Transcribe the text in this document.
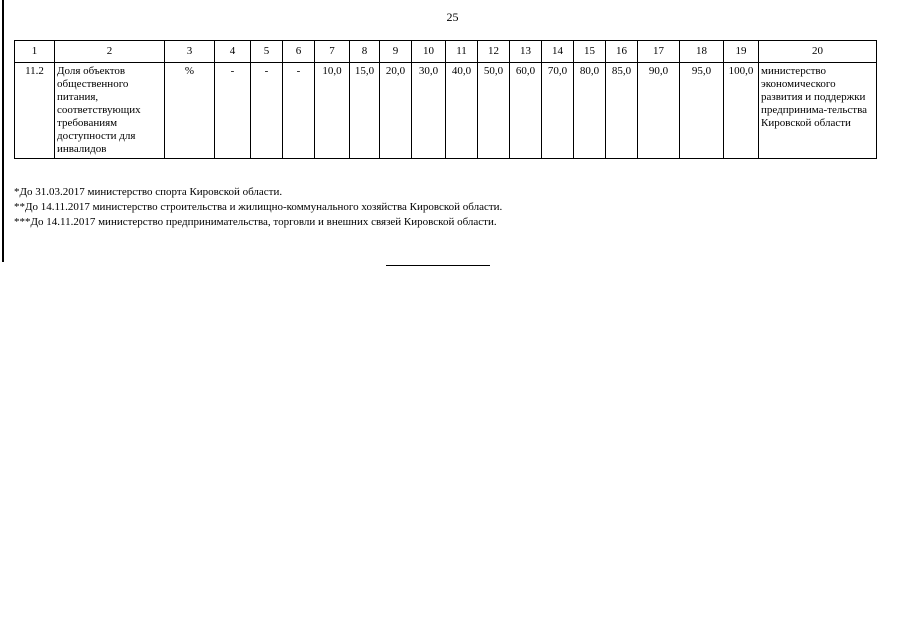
25
1	2	3	4	5	6	7	8	9	10	11	12	13	14	15	16	17	18	19	20
11.2	Доля объектов общественного питания, соответствующих требованиям доступности для инвалидов	%	-	-	-	10,0	15,0	20,0	30,0	40,0	50,0	60,0	70,0	80,0	85,0	90,0	95,0	100,0	министерство экономического развития и поддержки предпринима-тельства Кировской области
*До 31.03.2017 министерство спорта Кировской области.
**До 14.11.2017 министерство строительства и жилищно-коммунального хозяйства Кировской области.
***До 14.11.2017 министерство предпринимательства, торговли и внешних связей Кировской области.
